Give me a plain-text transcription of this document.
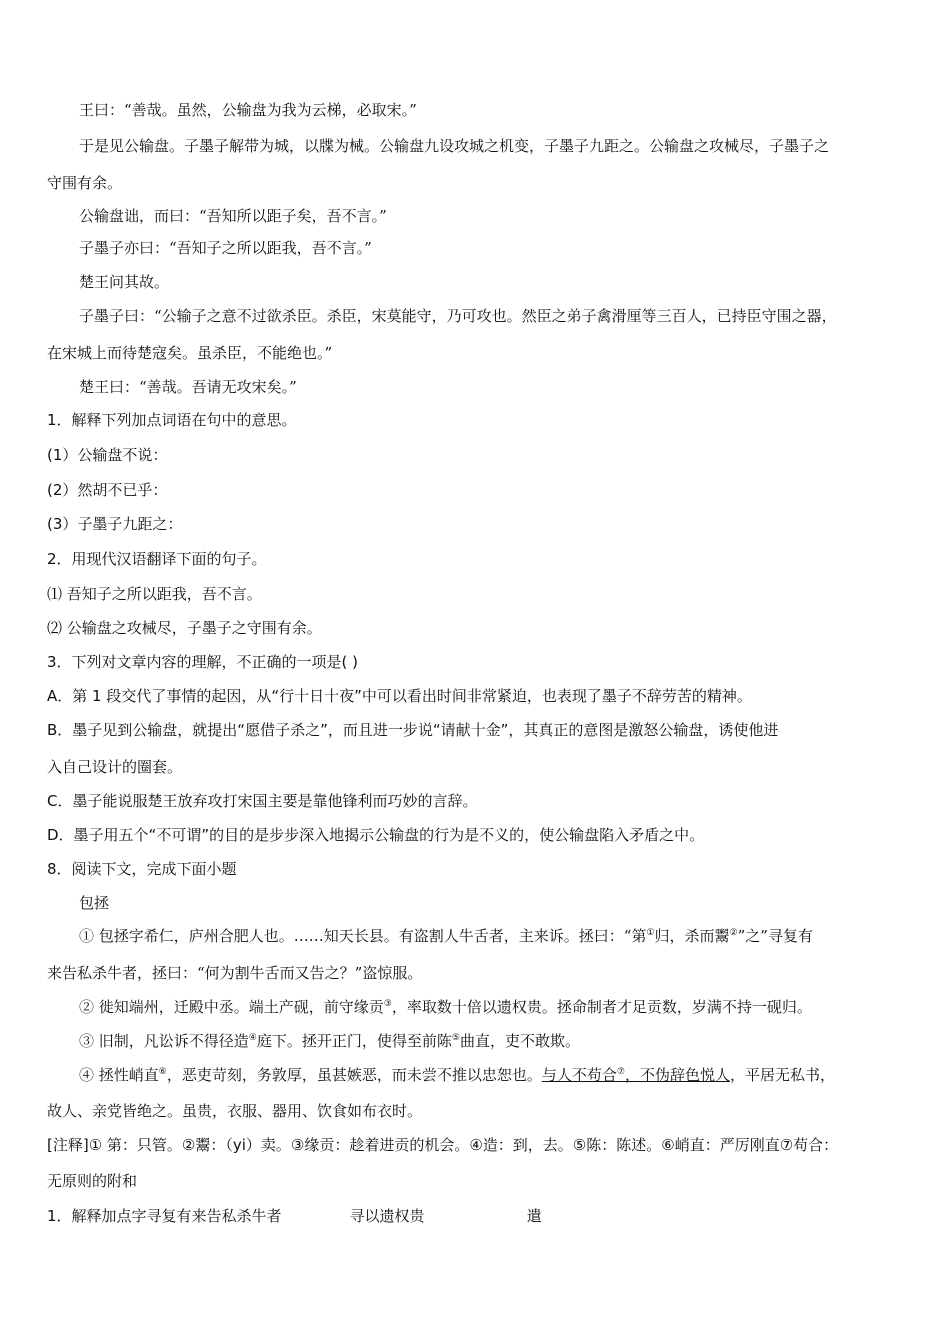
王曰：“善哉。虽然，公输盘为我为云梯，必取宋。”
于是见公输盘。子墨子解带为城，以牒为械。公输盘九设攻城之机变，子墨子九距之。公输盘之攻械尽，子墨子之
守围有余。
公输盘诎，而曰：“吾知所以距子矣，吾不言。”
子墨子亦曰：“吾知子之所以距我，吾不言。”
楚王问其故。
子墨子曰：“公输子之意不过欲杀臣。杀臣，宋莫能守，乃可攻也。然臣之弟子禽滑厘等三百人，已持臣守围之器，
在宋城上而待楚寇矣。虽杀臣，不能绝也。”
楚王曰：“善哉。吾请无攻宋矣。”
1．解释下列加点词语在句中的意思。
(1）公输盘不说：
(2）然胡不已乎：
(3）子墨子九距之：
2．用现代汉语翻译下面的句子。
⑴ 吾知子之所以距我，吾不言。
⑵ 公输盘之攻械尽，子墨子之守围有余。
3．下列对文章内容的理解，不正确的一项是( )
A．第 1 段交代了事情的起因，从“行十日十夜”中可以看出时间非常紧迫，也表现了墨子不辞劳苦的精神。
B．墨子见到公输盘，就提出“愿借子杀之”，而且进一步说“请献十金”，其真正的意图是激怒公输盘，诱使他进
入自己设计的圈套。
C．墨子能说服楚王放弃攻打宋国主要是靠他锋利而巧妙的言辞。
D．墨子用五个“不可谓”的目的是步步深入地揭示公输盘的行为是不义的，使公输盘陷入矛盾之中。
8．阅读下文，完成下面小题
包拯
① 包拯字希仁，庐州合肥人也。……知天长县。有盗割人牛舌者，主来诉。拯曰：“第①归，杀而鬻②”之”寻复有
来告私杀牛者，拯曰：“何为割牛舌而又告之？”盗惊服。
② 徙知端州，迁殿中丞。端土产砚，前守缘贡③，率取数十倍以遗权贵。拯命制者才足贡数，岁满不持一砚归。
③ 旧制，凡讼诉不得径造④庭下。拯开正门，使得至前陈⑤曲直，吏不敢欺。
④ 拯性峭直⑥，恶吏苛刻，务敦厚，虽甚嫉恶，而未尝不推以忠恕也。与人不苟合⑦，不伪辞色悦人，平居无私书，
故人、亲党皆绝之。虽贵，衣服、器用、饮食如布衣时。
[注释]① 第：只管。②鬻：（yi）卖。③缘贡：趁着进贡的机会。④造：到，去。⑤陈：陈述。⑥峭直：严厉刚直⑦苟合：
无原则的附和
1．解释加点字寻复有来告私杀牛者	寻以遗权贵	遣
